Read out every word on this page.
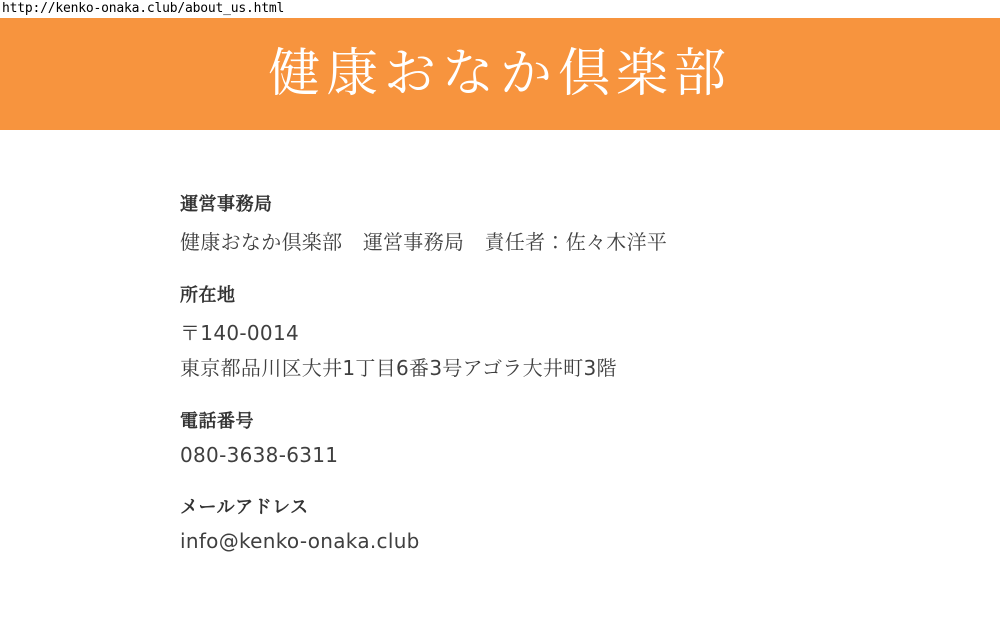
http://kenko-onaka.club/about_us.html
健康おなか倶楽部
運営事務局

健康おなか倶楽部　運営事務局　責任者：佐々木洋平

所在地

〒140-0014

東京都品川区大井1丁目6番3号アゴラ大井町3階

電話番号

080-3638-6311

メールアドレス

info@kenko-onaka.club
